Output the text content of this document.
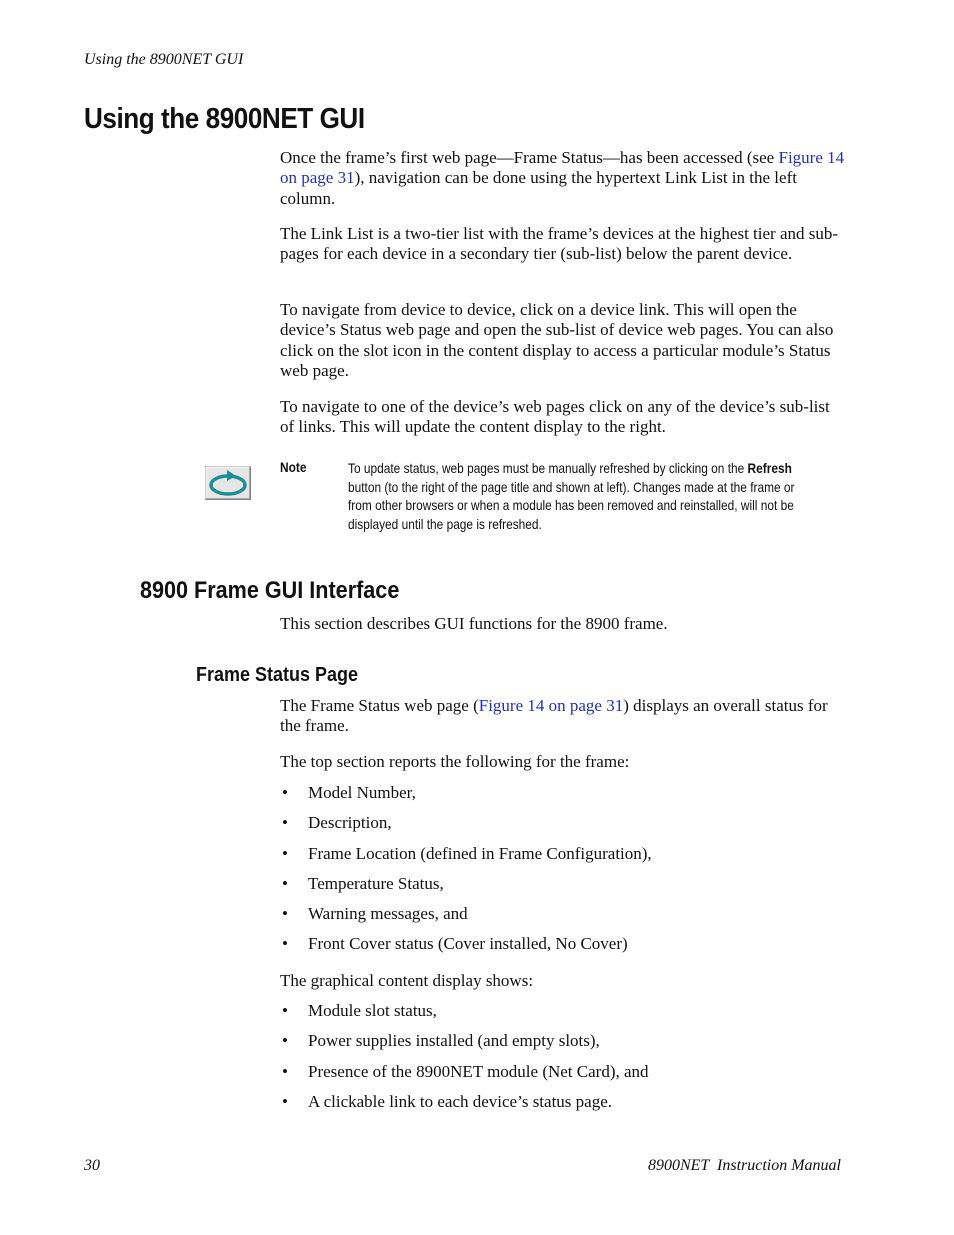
Using the 8900NET GUI
Using the 8900NET GUI

Once the frame’s first web page—Frame Status—has been accessed (see Figure 14 on page 31), navigation can be done using the hypertext Link List in the left column.

The Link List is a two-tier list with the frame’s devices at the highest tier and sub-pages for each device in a secondary tier (sub-list) below the parent device.

To navigate from device to device, click on a device link. This will open the device’s Status web page and open the sub-list of device web pages. You can also click on the slot icon in the content display to access a particular module’s Status web page.

To navigate to one of the device’s web pages click on any of the device’s sub-list of links. This will update the content display to the right.

Note	To update status, web pages must be manually refreshed by clicking on the Refresh button (to the right of the page title and shown at left). Changes made at the frame or from other browsers or when a module has been removed and reinstalled, will not be displayed until the page is refreshed.

8900 Frame GUI Interface

This section describes GUI functions for the 8900 frame.

Frame Status Page

The Frame Status web page (Figure 14 on page 31) displays an overall status for the frame.

The top section reports the following for the frame:

• Model Number,
• Description,
• Frame Location (defined in Frame Configuration),
• Temperature Status,
• Warning messages, and
• Front Cover status (Cover installed, No Cover)

The graphical content display shows:

• Module slot status,
• Power supplies installed (and empty slots),
• Presence of the 8900NET module (Net Card), and
• A clickable link to each device’s status page.
30	8900NET  Instruction Manual
